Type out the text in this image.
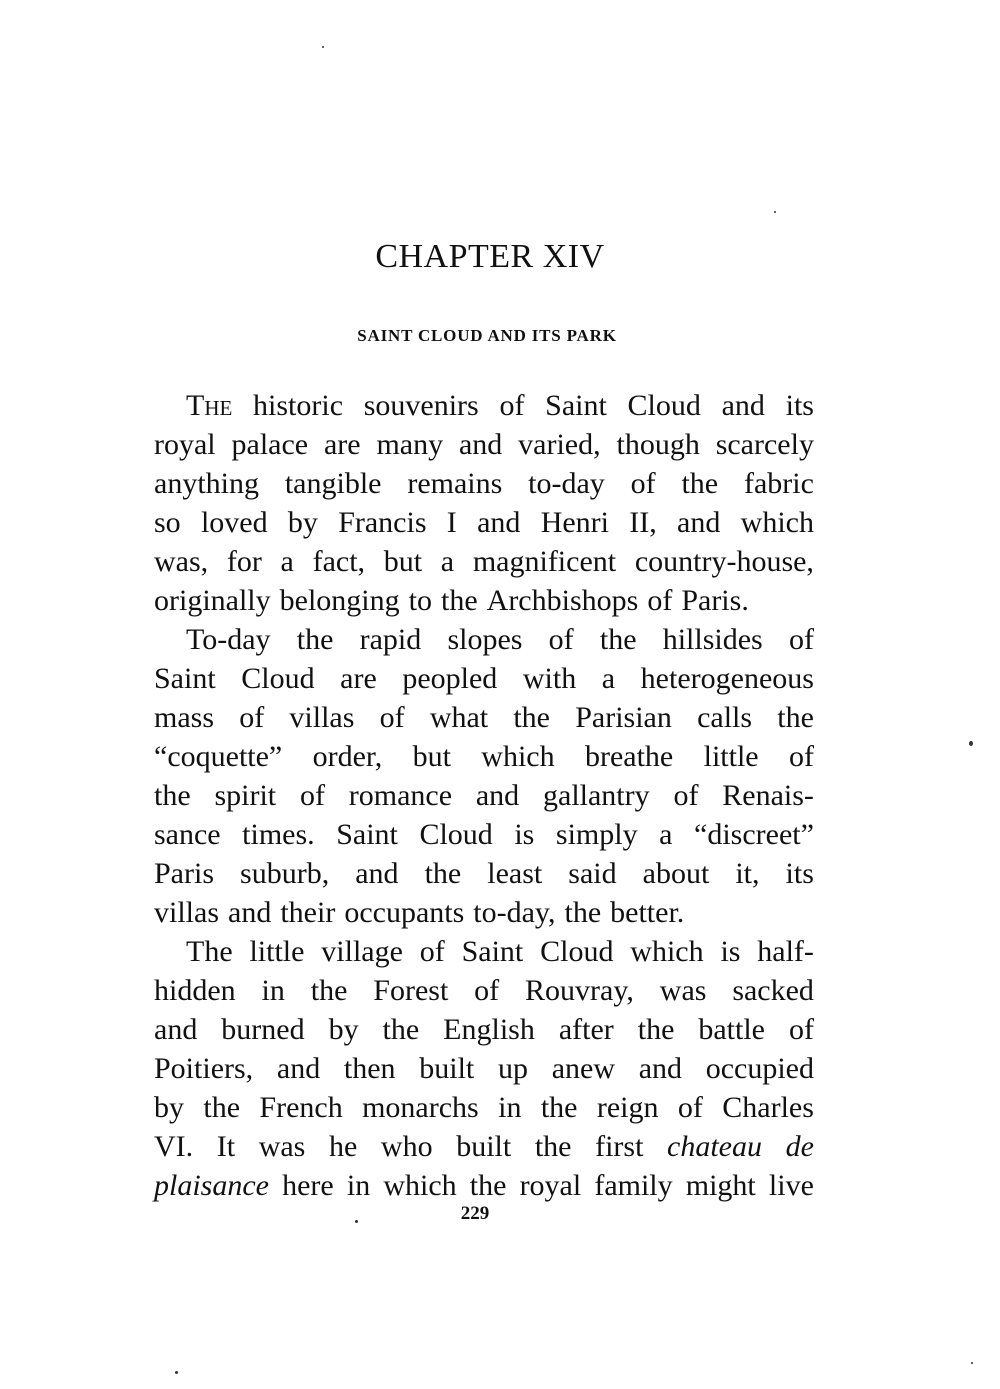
CHAPTER XIV
SAINT CLOUD AND ITS PARK
The historic souvenirs of Saint Cloud and its
royal palace are many and varied, though scarcely
anything tangible remains to-day of the fabric
so loved by Francis I and Henri II, and which
was, for a fact, but a magnificent country-house,
originally belonging to the Archbishops of Paris.
To-day the rapid slopes of the hillsides of
Saint Cloud are peopled with a heterogeneous
mass of villas of what the Parisian calls the
“coquette” order, but which breathe little of
the spirit of romance and gallantry of Renais-
sance times. Saint Cloud is simply a “discreet”
Paris suburb, and the least said about it, its
villas and their occupants to-day, the better.
The little village of Saint Cloud which is half-
hidden in the Forest of Rouvray, was sacked
and burned by the English after the battle of
Poitiers, and then built up anew and occupied
by the French monarchs in the reign of Charles
VI. It was he who built the first chateau de
plaisance here in which the royal family might live
229
